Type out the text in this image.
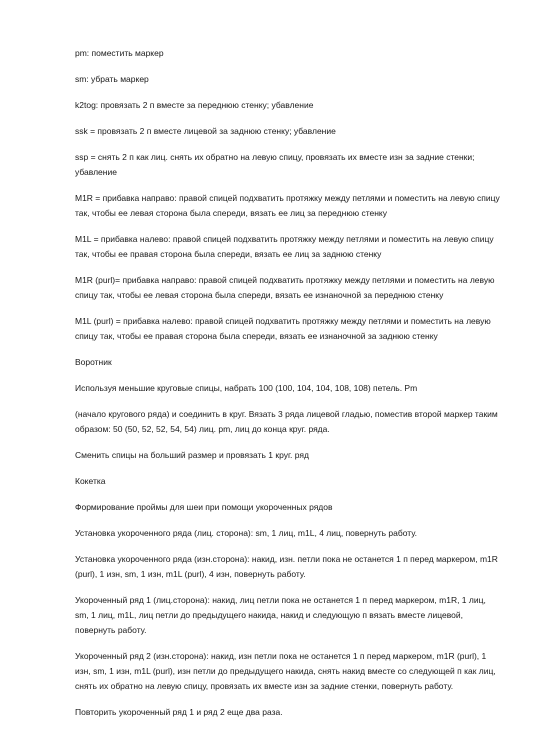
pm: поместить маркер

sm: убрать маркер

k2tog: провязать 2 п вместе за переднюю стенку; убавление

ssk = провязать 2 п вместе лицевой за заднюю стенку; убавление

ssp = снять 2 п как лиц. снять их обратно на левую спицу, провязать их вместе изн за задние стенки; убавление

M1R = прибавка направо: правой спицей подхватить протяжку между петлями и поместить на левую спицу так, чтобы ее левая сторона была спереди, вязать ее лиц за переднюю стенку

M1L = прибавка налево: правой спицей подхватить протяжку между петлями и поместить на левую спицу так, чтобы ее правая сторона была спереди, вязать ее лиц за заднюю стенку

M1R (purl)= прибавка направо: правой спицей подхватить протяжку между петлями и поместить на левую спицу так, чтобы ее левая сторона была спереди, вязать ее изнаночной за переднюю стенку

M1L (purl) = прибавка налево: правой спицей подхватить протяжку между петлями и поместить на левую спицу так, чтобы ее правая сторона была спереди, вязать ее изнаночной за заднюю стенку

Воротник

Используя меньшие круговые спицы, набрать 100 (100, 104, 104, 108, 108) петель. Pm

(начало кругового ряда) и соединить в круг. Вязать 3 ряда лицевой гладью, поместив второй маркер таким образом: 50 (50, 52, 52, 54, 54) лиц. pm, лиц до конца круг. ряда.

Сменить спицы на больший размер и провязать 1 круг. ряд

Кокетка

Формирование проймы для шеи при помощи укороченных рядов

Установка укороченного ряда (лиц. сторона): sm, 1 лиц, m1L, 4 лиц, повернуть работу.

Установка укороченного ряда (изн.сторона): накид, изн. петли пока не останется 1 п перед маркером, m1R (purl), 1 изн, sm, 1 изн, m1L (purl), 4 изн, повернуть работу.

Укороченный ряд 1 (лиц.сторона): накид, лиц петли пока не останется 1 п перед маркером, m1R, 1 лиц, sm, 1 лиц, m1L, лиц петли до предыдущего накида, накид и следующую п вязать вместе лицевой, повернуть работу.

Укороченный ряд 2 (изн.сторона): накид, изн петли пока не останется 1 п перед маркером, m1R (purl), 1 изн, sm, 1 изн, m1L (purl), изн петли до предыдущего накида, снять накид вместе со следующей п как лиц, снять их обратно на левую спицу, провязать их вместе изн за задние стенки, повернуть работу.

Повторить укороченный ряд 1 и ряд 2 еще два раза.
